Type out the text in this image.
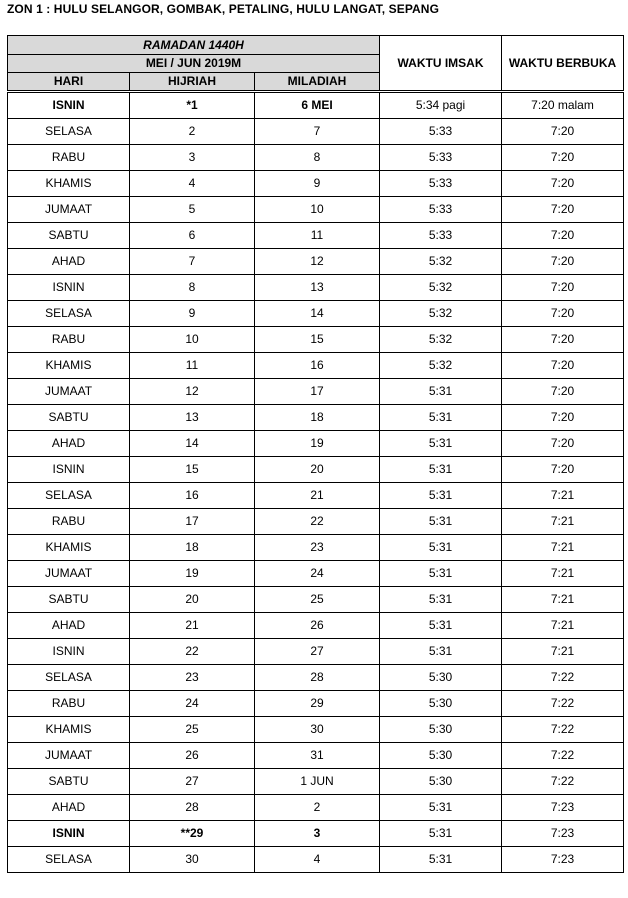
ZON 1 : HULU SELANGOR, GOMBAK, PETALING, HULU LANGAT, SEPANG
RAMADAN 1440H			WAKTU IMSAK	WAKTU BERBUKA
MEI / JUN 2019M				
HARI	HIJRIAH	MILADIAH		

ISNIN	*1	6 MEI	5:34 pagi	7:20 malam
SELASA	2	7	5:33	7:20
RABU	3	8	5:33	7:20
KHAMIS	4	9	5:33	7:20
JUMAAT	5	10	5:33	7:20
SABTU	6	11	5:33	7:20
AHAD	7	12	5:32	7:20
ISNIN	8	13	5:32	7:20
SELASA	9	14	5:32	7:20
RABU	10	15	5:32	7:20
KHAMIS	11	16	5:32	7:20
JUMAAT	12	17	5:31	7:20
SABTU	13	18	5:31	7:20
AHAD	14	19	5:31	7:20
ISNIN	15	20	5:31	7:20
SELASA	16	21	5:31	7:21
RABU	17	22	5:31	7:21
KHAMIS	18	23	5:31	7:21
JUMAAT	19	24	5:31	7:21
SABTU	20	25	5:31	7:21
AHAD	21	26	5:31	7:21
ISNIN	22	27	5:31	7:21
SELASA	23	28	5:30	7:22
RABU	24	29	5:30	7:22
KHAMIS	25	30	5:30	7:22
JUMAAT	26	31	5:30	7:22
SABTU	27	1 JUN	5:30	7:22
AHAD	28	2	5:31	7:23
ISNIN	**29	3	5:31	7:23
SELASA	30	4	5:31	7:23
